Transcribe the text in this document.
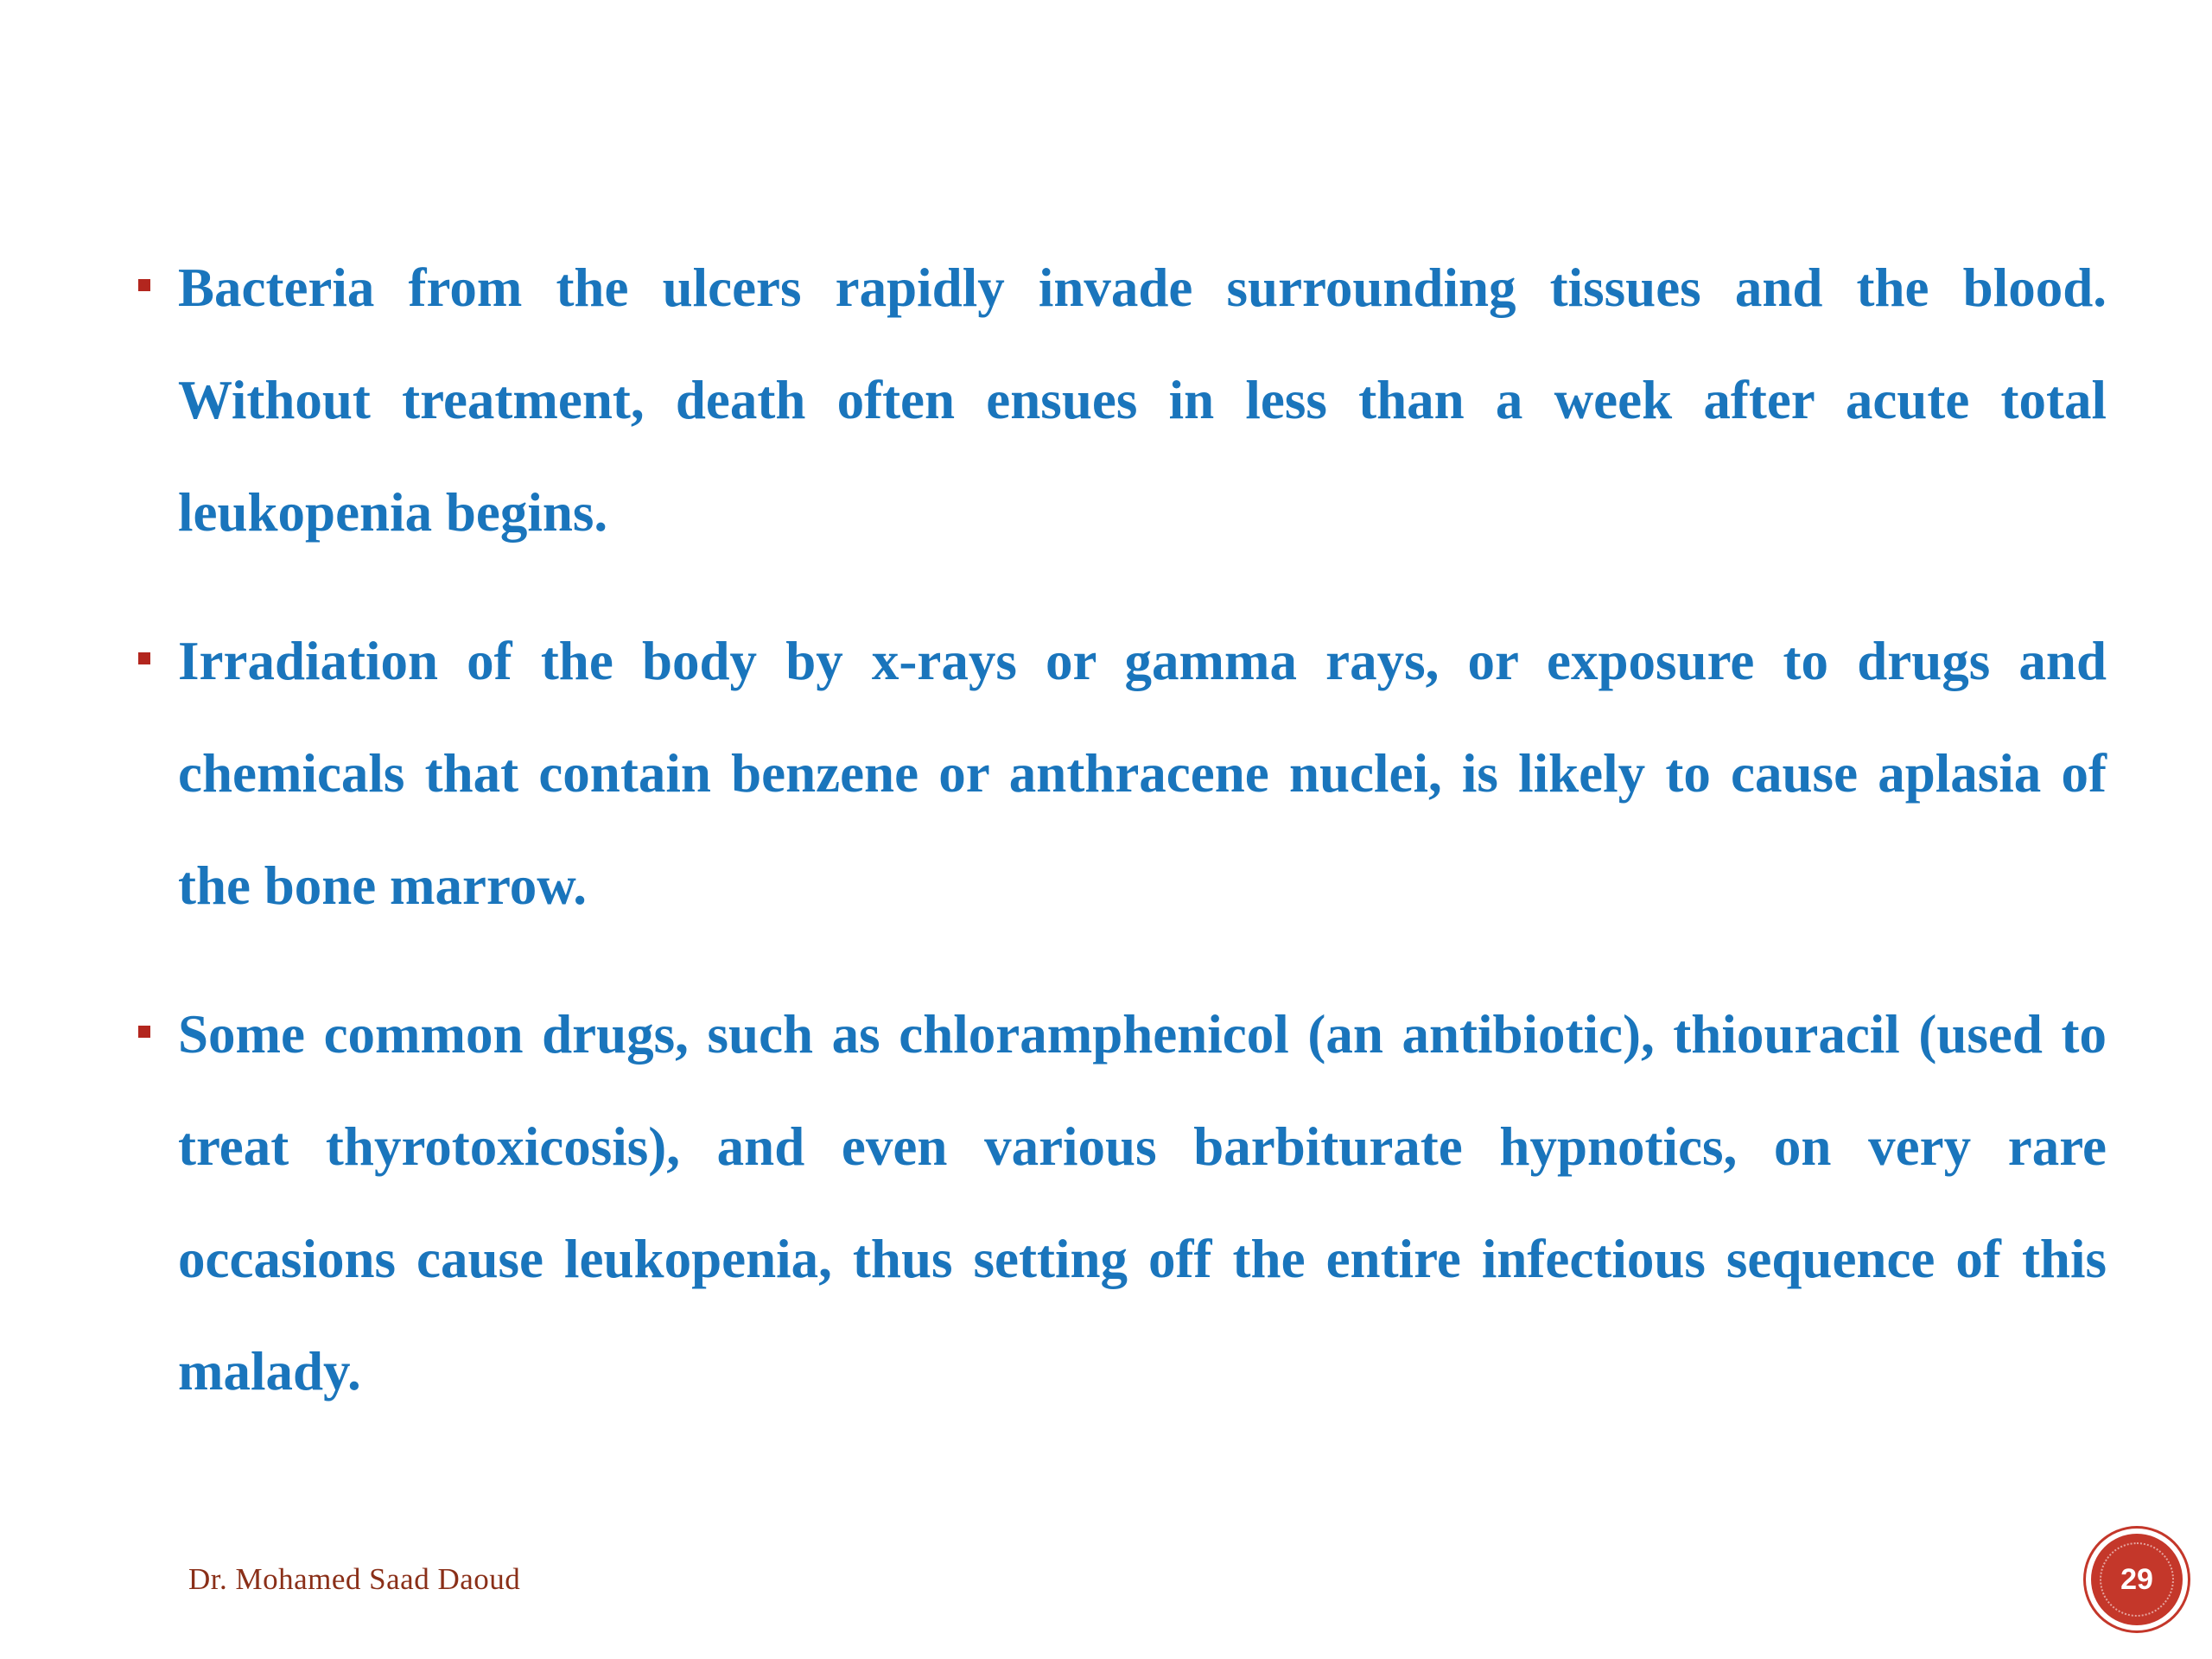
Bacteria from the ulcers rapidly invade surrounding tissues and the blood. Without treatment, death often ensues in less than a week after acute total leukopenia begins.
Irradiation of the body by x-rays or gamma rays, or exposure to drugs and chemicals that contain benzene or anthracene nuclei, is likely to cause aplasia of the bone marrow.
Some common drugs, such as chloramphenicol (an antibiotic), thiouracil (used to treat thyrotoxicosis), and even various barbiturate hypnotics, on very rare occasions cause leukopenia, thus setting off the entire infectious sequence of this malady.
Dr. Mohamed Saad Daoud	29
